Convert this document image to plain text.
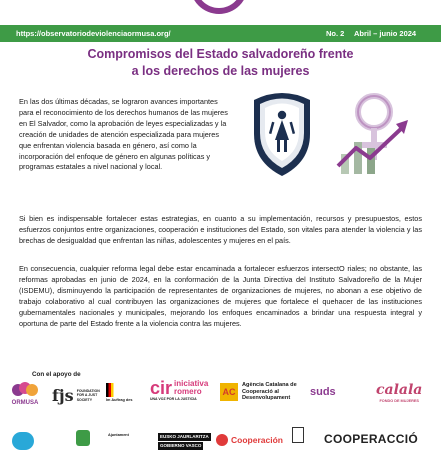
https://observatoriodeviolenciaormusa.org/	No. 2 Abril – junio 2024
Compromisos del Estado salvadoreño frente
a los derechos de las mujeres

En las dos últimas décadas, se lograron avances importantes para el reconocimiento de los derechos humanos de las mujeres en El Salvador, como la aprobación de leyes especializadas y la creación de unidades de atención especializada para mujeres que enfrentan violencia basada en género, así como la incorporación del enfoque de género en algunas políticas y programas estatales a nivel nacional y local.

Si bien es indispensable fortalecer estas estrategias, en cuanto a su implementación, recursos y presupuestos, estos esfuerzos conjuntos entre organizaciones, cooperación e instituciones del Estado, son vitales para atender la violencia y las brechas de desigualdad que enfrentan las niñas, adolescentes y mujeres en el país.

En consecuencia, cualquier reforma legal debe estar encaminada a fortalecer esfuerzos intersectO riales; no obstante, las reformas aprobadas en junio de 2024, en la conformación de la Junta Directiva del Instituto Salvadoreño de la Mujer (ISDEMU), disminuyendo la participación de representantes de organizaciones de mujeres, no abonan a ese objetivo de trabajo colaborativo al cual contribuyen las organizaciones de mujeres que fortalece el quehacer de las instituciones gubernamentales nacionales y municipales, mejorando los enfoques encaminados a brindar una respuesta integral y oportuna de parte del Estado frente a la violencia contra las mujeres.

Con el apoyo de
ORMUSA fjs FOUNDATION FOR A JUST SOCIETY	Im Auftrag des
cir iniciativa romero
UNA VOZ POR LA JUSTICIA
AC
Agència Catalana de Cooperació al Desenvolupament
suds	calala
FONDO DE MUJERES
Ajuntament	EUSKO JAURLARITZA
GOBIERNO VASCO
Cooperación	COOPERACCIÓ
